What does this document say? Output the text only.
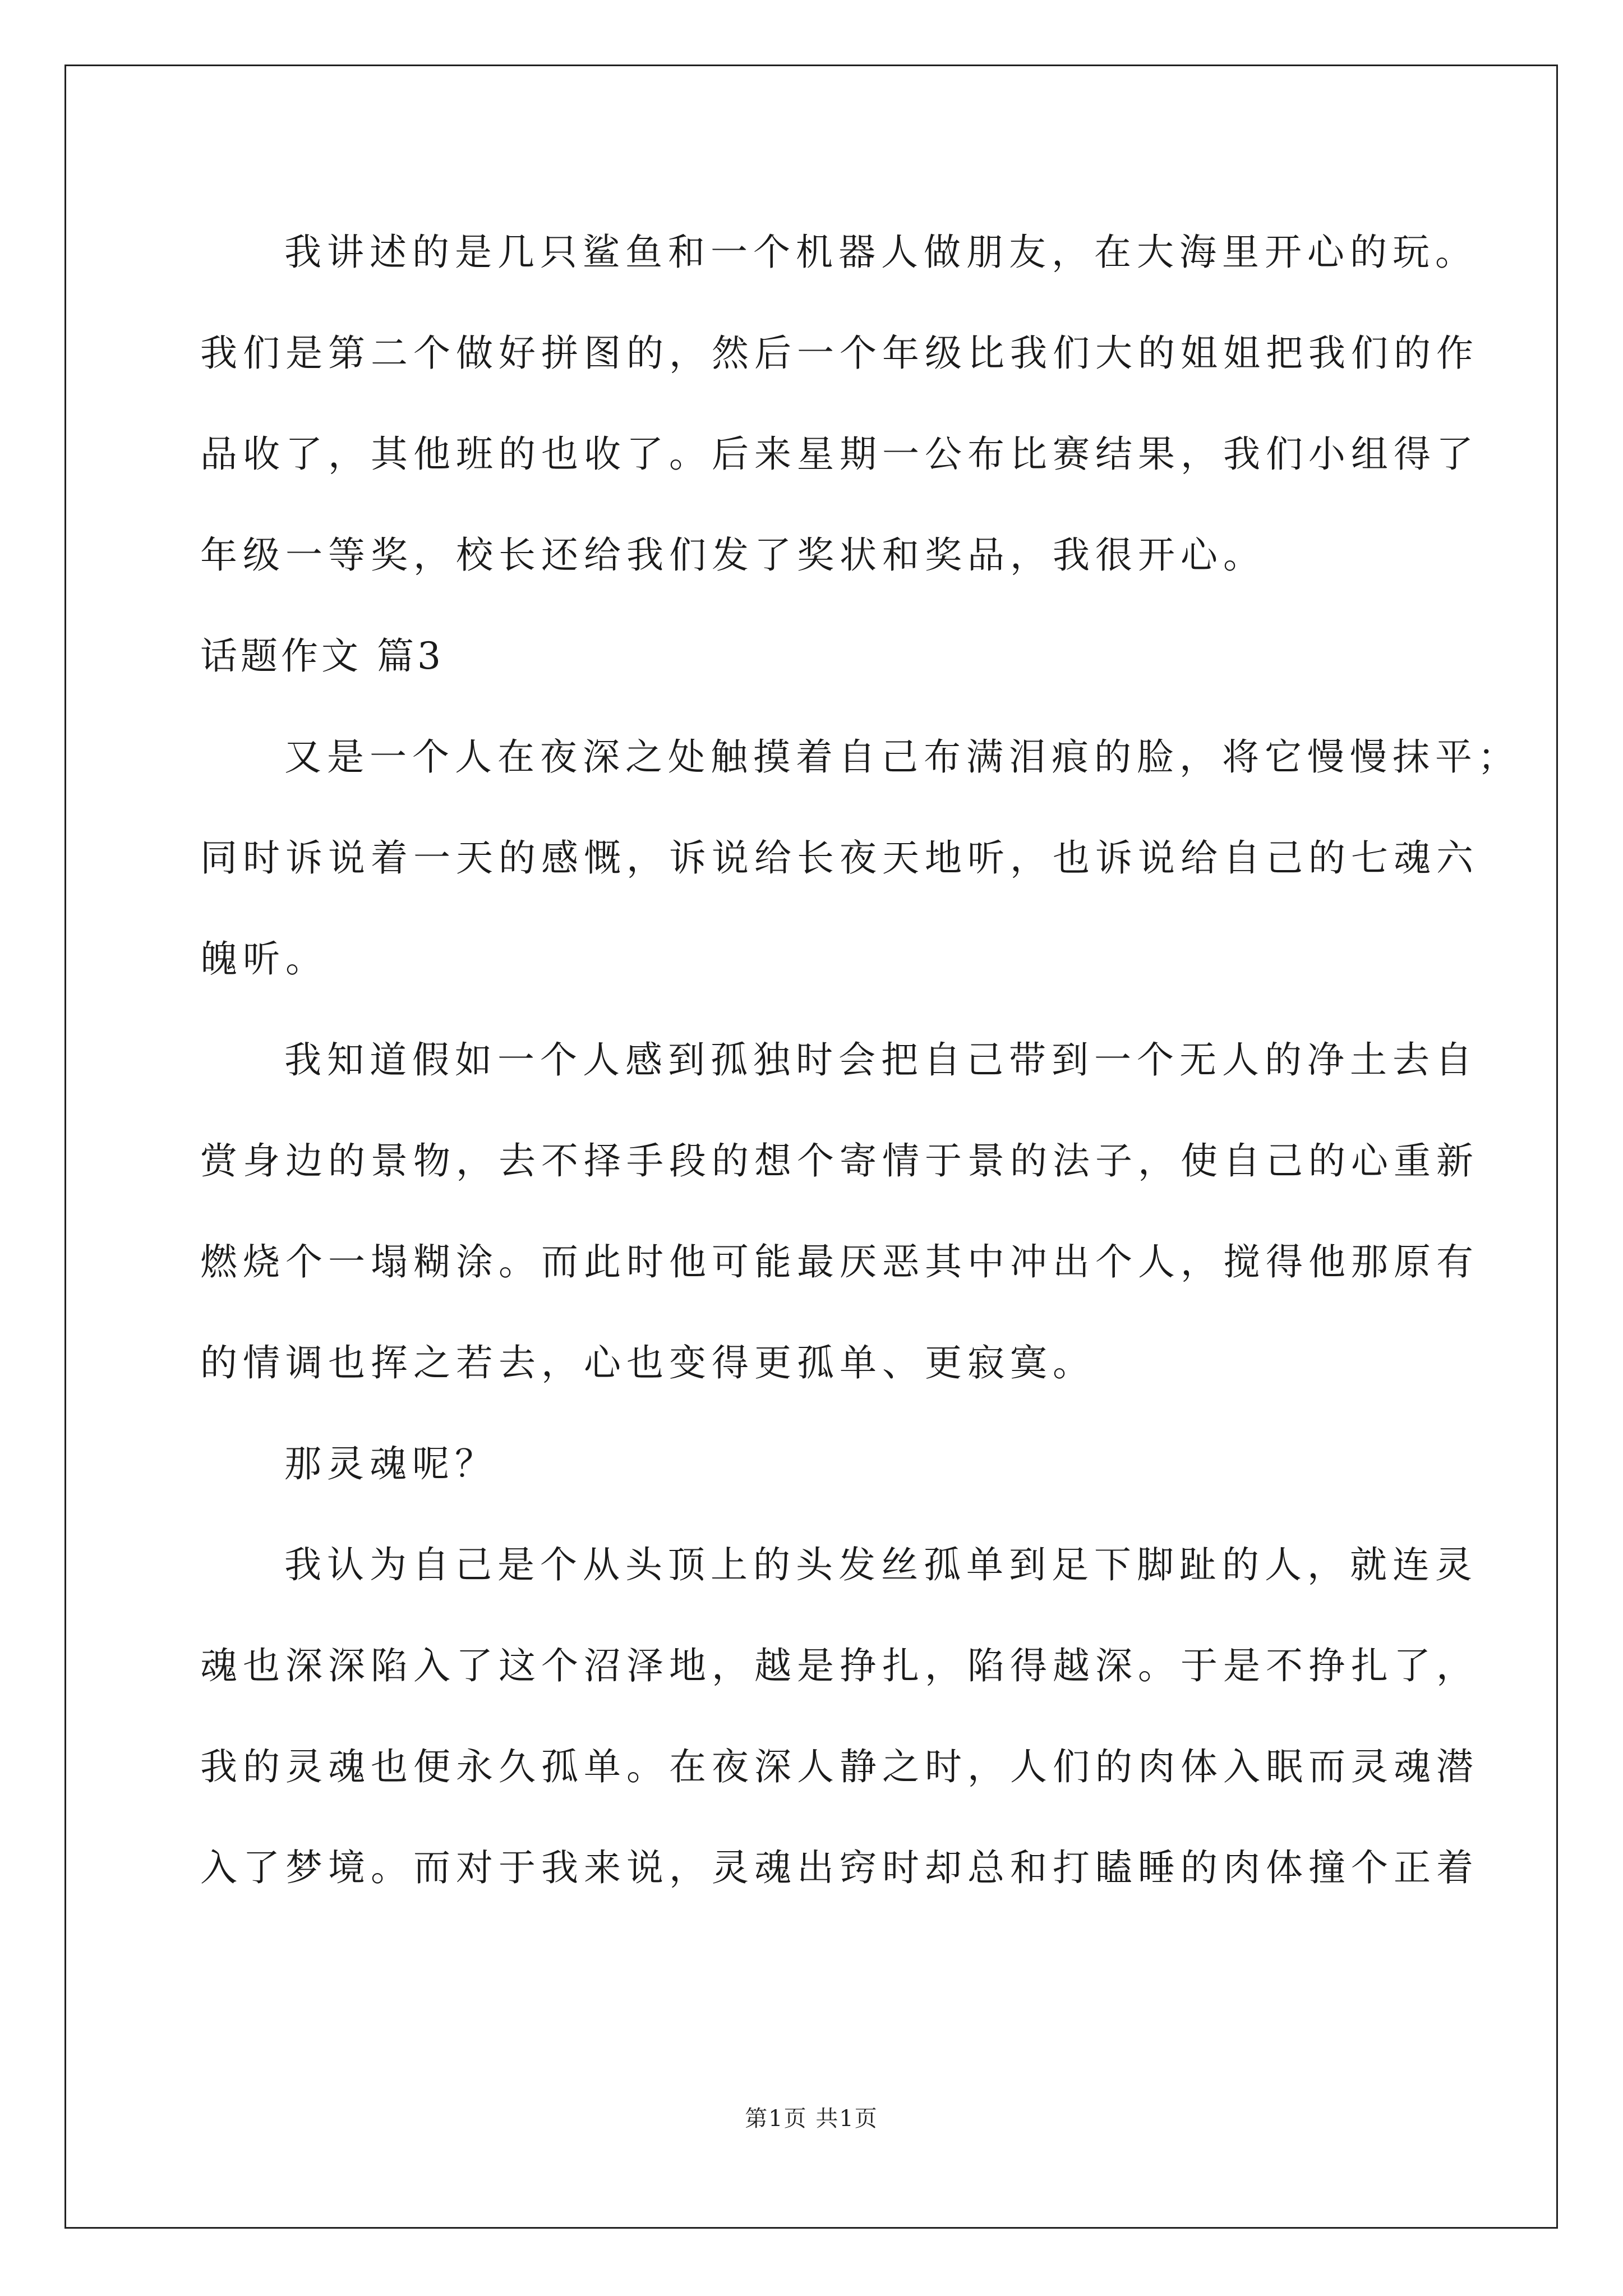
我讲述的是几只鲨鱼和一个机器人做朋友，在大海里开心的玩。
我们是第二个做好拼图的，然后一个年级比我们大的姐姐把我们的作
品收了，其他班的也收了。后来星期一公布比赛结果，我们小组得了
年级一等奖，校长还给我们发了奖状和奖品，我很开心。
话题作文 篇3
又是一个人在夜深之处触摸着自己布满泪痕的脸，将它慢慢抹平；
同时诉说着一天的感慨，诉说给长夜天地听，也诉说给自己的七魂六
魄听。
我知道假如一个人感到孤独时会把自己带到一个无人的净土去自
赏身边的景物，去不择手段的想个寄情于景的法子，使自己的心重新
燃烧个一塌糊涂。而此时他可能最厌恶其中冲出个人，搅得他那原有
的情调也挥之若去，心也变得更孤单、更寂寞。
那灵魂呢？
我认为自己是个从头顶上的头发丝孤单到足下脚趾的人，就连灵
魂也深深陷入了这个沼泽地，越是挣扎，陷得越深。于是不挣扎了，
我的灵魂也便永久孤单。在夜深人静之时，人们的肉体入眠而灵魂潜
入了梦境。而对于我来说，灵魂出窍时却总和打瞌睡的肉体撞个正着
第1页 共1页
